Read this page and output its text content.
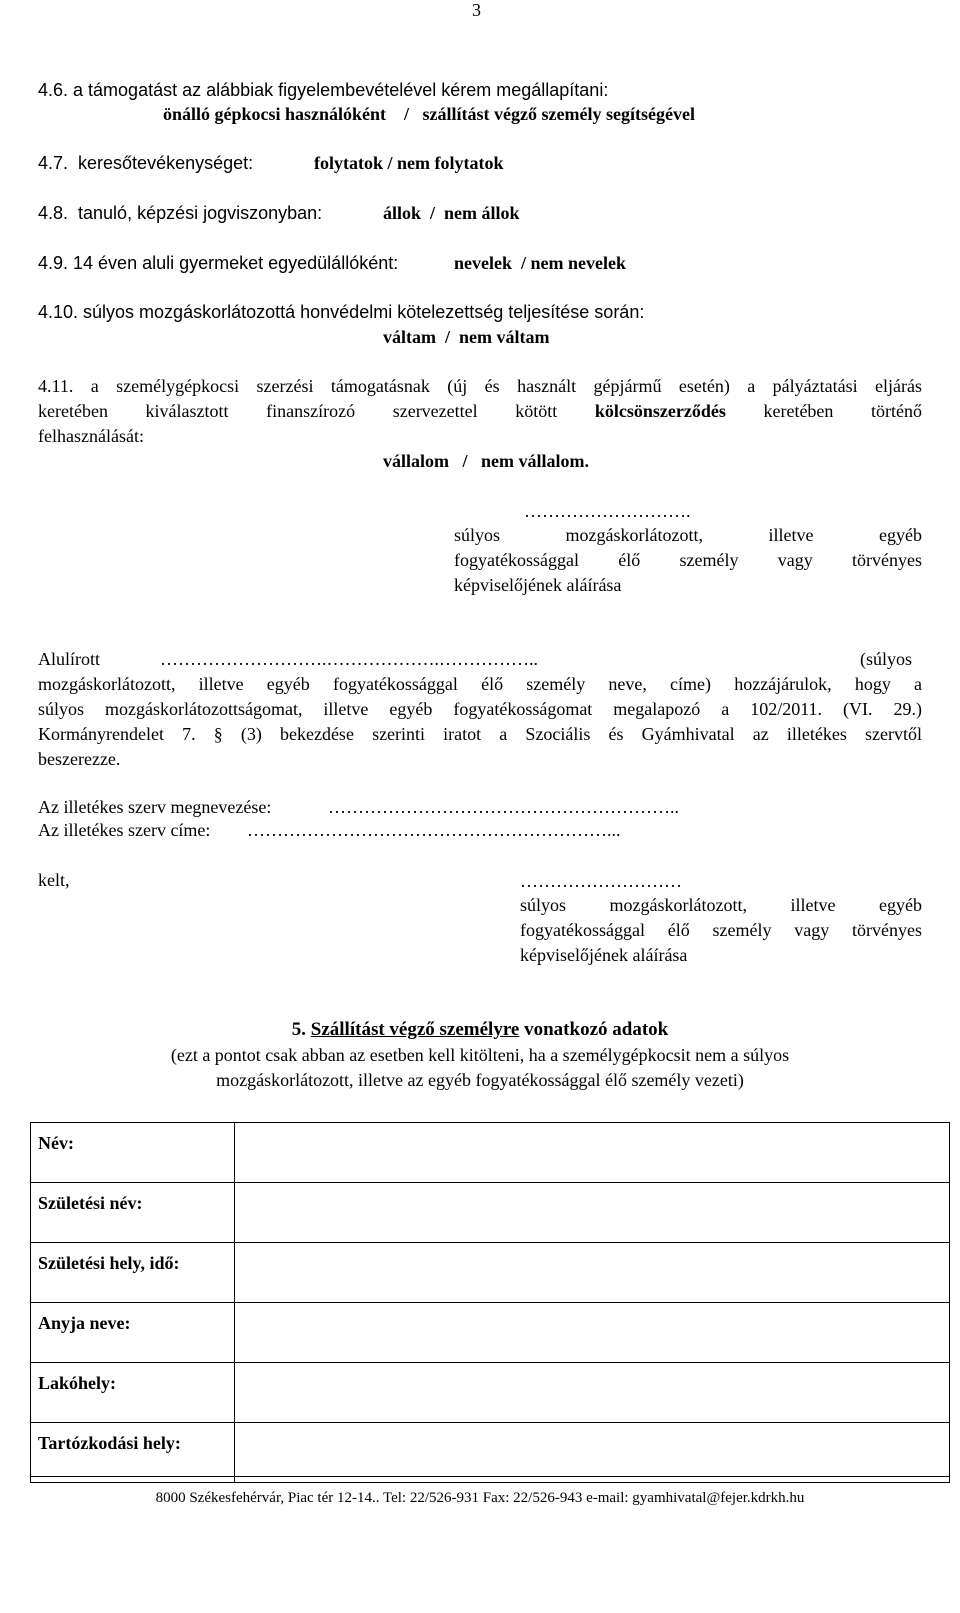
3
4.6. a támogatást az alábbiak figyelembevételével kérem megállapítani:
önálló gépkocsi használóként    /   szállítást végző személy segítségével
4.7.  keresőtevékenységet:	folytatok / nem folytatok
4.8.  tanuló, képzési jogviszonyban:	állok  /  nem állok
4.9. 14 éven aluli gyermeket egyedülállóként:	nevelek  / nem nevelek
4.10. súlyos mozgáskorlátozottá honvédelmi kötelezettség teljesítése során:
váltam  /  nem váltam
4.11. a személygépkocsi szerzési támogatásnak (új és használt gépjármű esetén) a pályáztatási eljárás
keretében kiválasztott finanszírozó szervezettel kötött kölcsönszerződés keretében történő
felhasználását:
vállalom   /   nem vállalom.
……………………….
súlyos mozgáskorlátozott, illetve egyéb
fogyatékossággal élő személy vagy törvényes
képviselőjének aláírása
Alulírott	……………………….……………….……………..	(súlyos
mozgáskorlátozott, illetve egyéb fogyatékossággal élő személy neve, címe) hozzájárulok, hogy a
súlyos mozgáskorlátozottságomat, illetve egyéb fogyatékosságomat megalapozó a 102/2011. (VI. 29.)
Kormányrendelet 7. § (3) bekezdése szerinti iratot a Szociális és Gyámhivatal az illetékes szervtől
beszerezze.
Az illetékes szerv megnevezése:	…………………………………………………..
Az illetékes szerv címe: ……………………………………………………...
kelt,	………………………
súlyos mozgáskorlátozott, illetve egyéb
fogyatékossággal élő személy vagy törvényes
képviselőjének aláírása
5. Szállítást végző személyre vonatkozó adatok
(ezt a pontot csak abban az esetben kell kitölteni, ha a személygépkocsit nem a súlyos
mozgáskorlátozott, illetve az egyéb fogyatékossággal élő személy vezeti)
Név:	
Születési név:	
Születési hely, idő:	
Anyja neve:	
Lakóhely:	
Tartózkodási hely:	
8000 Székesfehérvár, Piac tér 12-14.. Tel: 22/526-931 Fax: 22/526-943 e-mail: gyamhivatal@fejer.kdrkh.hu
